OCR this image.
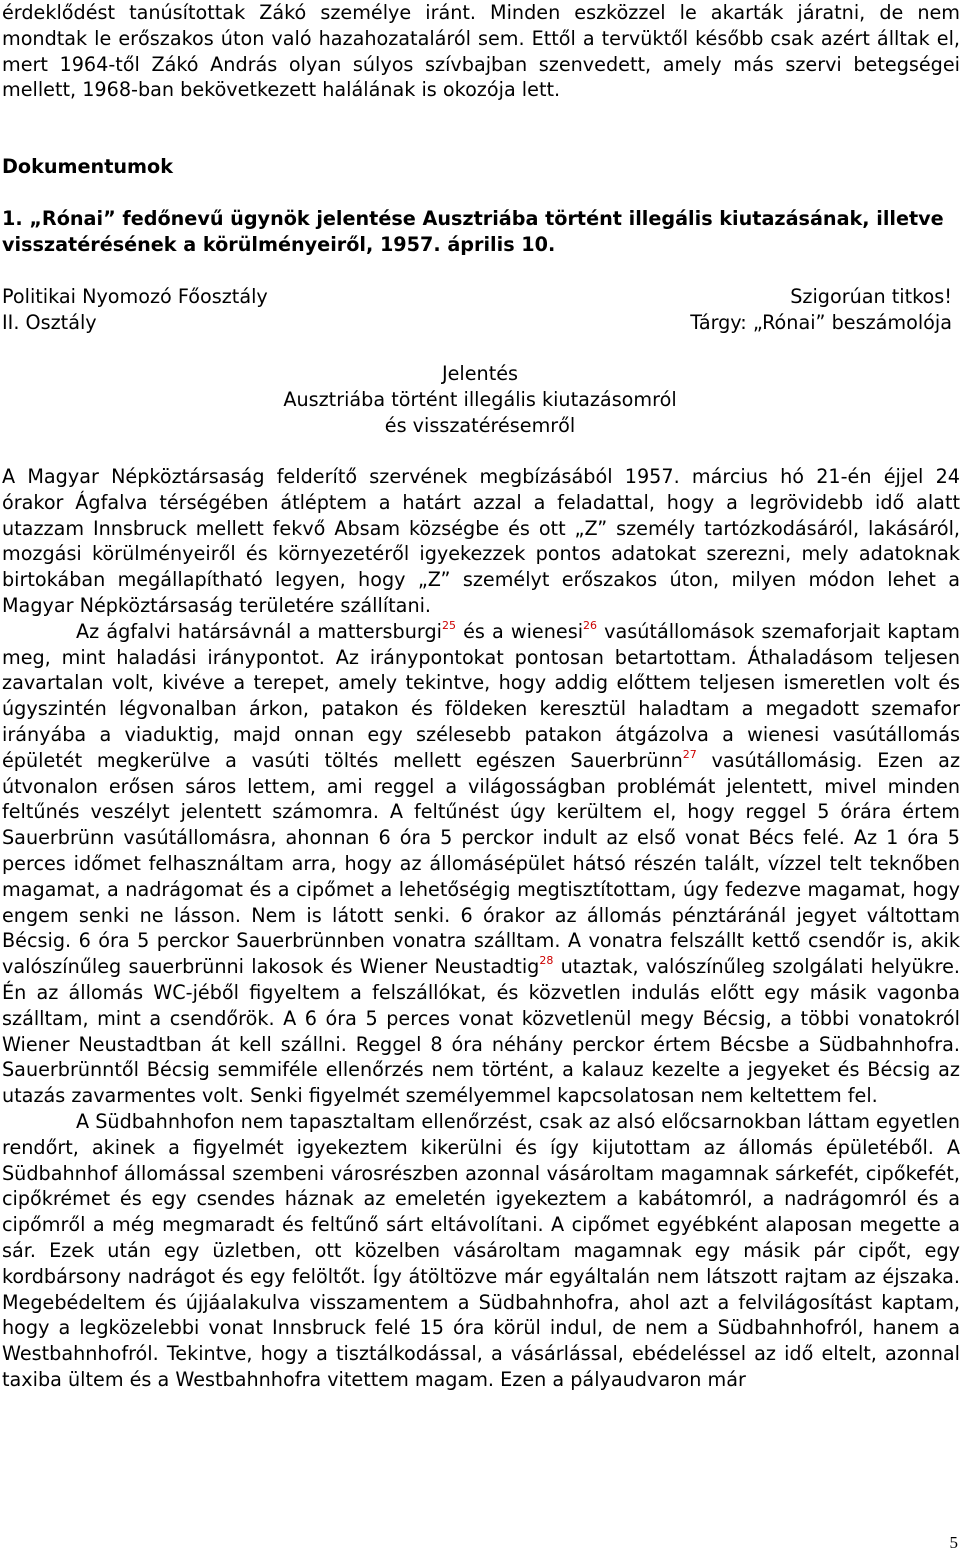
érdeklődést tanúsítottak Zákó személye iránt. Minden eszközzel le akarták járatni, de nem mondtak le erőszakos úton való hazahozataláról sem. Ettől a tervüktől később csak azért álltak el, mert 1964-től Zákó András olyan súlyos szívbajban szenvedett, amely más szervi betegségei mellett, 1968-ban bekövetkezett halálának is okozója lett.

Dokumentumok
1. „Rónai” fedőnevű ügynök jelentése Ausztriába történt illegális kiutazásának, illetve visszatérésének a körülményeiről, 1957. április 10.
Politikai Nyomozó Főosztály	Szigorúan titkos!
II. Osztály	Tárgy: „Rónai” beszámolója
Jelentés
Ausztriába történt illegális kiutazásomról
és visszatérésemről

A Magyar Népköztársaság felderítő szervének megbízásából 1957. március hó 21-én éjjel 24 órakor Ágfalva térségében átléptem a határt azzal a feladattal, hogy a legrövidebb idő alatt utazzam Innsbruck mellett fekvő Absam községbe és ott „Z” személy tartózkodásáról, lakásáról, mozgási körülményeiről és környezetéről igyekezzek pontos adatokat szerezni, mely adatoknak birtokában megállapítható legyen, hogy „Z” személyt erőszakos úton, milyen módon lehet a Magyar Népköztársaság területére szállítani.

Az ágfalvi határsávnál a mattersburgi$^{25}$ és a wienesi$^{26}$ vasútállomások szemaforjait kaptam meg, mint haladási iránypontot. Az iránypontokat pontosan betartottam. Áthaladásom teljesen zavartalan volt, kivéve a terepet, amely tekintve, hogy addig előttem teljesen ismeretlen volt és úgyszintén légvonalban árkon, patakon és földeken keresztül haladtam a megadott szemafor irányába a viaduktig, majd onnan egy szélesebb patakon átgázolva a wienesi vasútállomás épületét megkerülve a vasúti töltés mellett egészen Sauerbrünn$^{27}$ vasútállomásig. Ezen az útvonalon erősen sáros lettem, ami reggel a világosságban problémát jelentett, mivel minden feltűnés veszélyt jelentett számomra. A feltűnést úgy kerültem el, hogy reggel 5 órára értem Sauerbrünn vasútállomásra, ahonnan 6 óra 5 perckor indult az első vonat Bécs felé. Az 1 óra 5 perces időmet felhasználtam arra, hogy az állomásépület hátsó részén talált, vízzel telt teknőben magamat, a nadrágomat és a cipőmet a lehetőségig megtisztítottam, úgy fedezve magamat, hogy engem senki ne lásson. Nem is látott senki. 6 órakor az állomás pénztáránál jegyet váltottam Bécsig. 6 óra 5 perckor Sauerbrünnben vonatra szálltam. A vonatra felszállt kettő csendőr is, akik valószínűleg sauerbrünni lakosok és Wiener Neustadtig$^{28}$ utaztak, valószínűleg szolgálati helyükre. Én az állomás WC-jéből figyeltem a felszállókat, és közvetlen indulás előtt egy másik vagonba szálltam, mint a csendőrök. A 6 óra 5 perces vonat közvetlenül megy Bécsig, a többi vonatokról Wiener Neustadtban át kell szállni. Reggel 8 óra néhány perckor értem Bécsbe a Südbahnhofra. Sauerbrünntől Bécsig semmiféle ellenőrzés nem történt, a kalauz kezelte a jegyeket és Bécsig az utazás zavarmentes volt. Senki figyelmét személyemmel kapcsolatosan nem keltettem fel.

A Südbahnhofon nem tapasztaltam ellenőrzést, csak az alsó előcsarnokban láttam egyetlen rendőrt, akinek a figyelmét igyekeztem kikerülni és így kijutottam az állomás épületéből. A Südbahnhof állomással szembeni városrészben azonnal vásároltam magamnak sárkefét, cipőkefét, cipőkrémet és egy csendes háznak az emeletén igyekeztem a kabátomról, a nadrágomról és a cipőmről a még megmaradt és feltűnő sárt eltávolítani. A cipőmet egyébként alaposan megette a sár. Ezek után egy üzletben, ott közelben vásároltam magamnak egy másik pár cipőt, egy kordbársony nadrágot és egy felöltőt. Így átöltözve már egyáltalán nem látszott rajtam az éjszaka. Megebédeltem és újjáalakulva visszamentem a Südbahnhofra, ahol azt a felvilágosítást kaptam, hogy a legközelebbi vonat Innsbruck felé 15 óra körül indul, de nem a Südbahnhofról, hanem a Westbahnhofról. Tekintve, hogy a tisztálkodással, a vásárlással, ebédeléssel az idő eltelt, azonnal taxiba ültem és a Westbahnhofra vitettem magam. Ezen a pályaudvaron már

5
